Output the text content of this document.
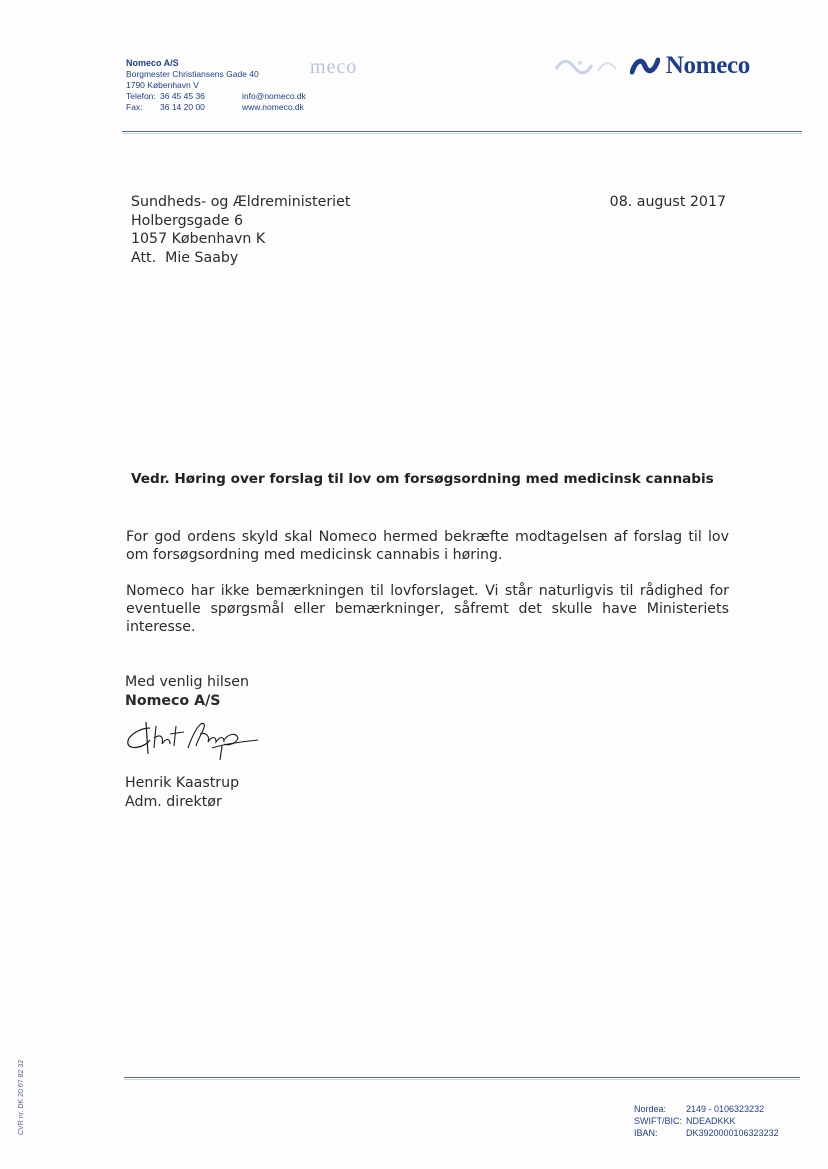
Nomeco A/S
Borgmester Christiansens Gade 40
1790 København V
Telefon: 36 45 45 36	info@nomeco.dk
Fax:	36 14 20 00	www.nomeco.dk
meco	Nomeco
Sundheds- og Ældreministeriet
Holbergsgade 6
1057 København K
Att.  Mie Saaby
08. august 2017
Vedr. Høring over forslag til lov om forsøgsordning med medicinsk cannabis
For god ordens skyld skal Nomeco hermed bekræfte modtagelsen af forslag til lov om forsøgsordning med medicinsk cannabis i høring.
Nomeco har ikke bemærkningen til lovforslaget. Vi står naturligvis til rådighed for eventuelle spørgsmål eller bemærkninger, såfremt det skulle have Ministeriets interesse.
Med venlig hilsen
Nomeco A/S
Henrik Kaastrup
Adm. direktør
CVR nr. DK 20 67 82 32	Nordea:	2149 - 0106323232
SWIFT/BIC: NDEADKKK
IBAN:	DK3920000106323232
